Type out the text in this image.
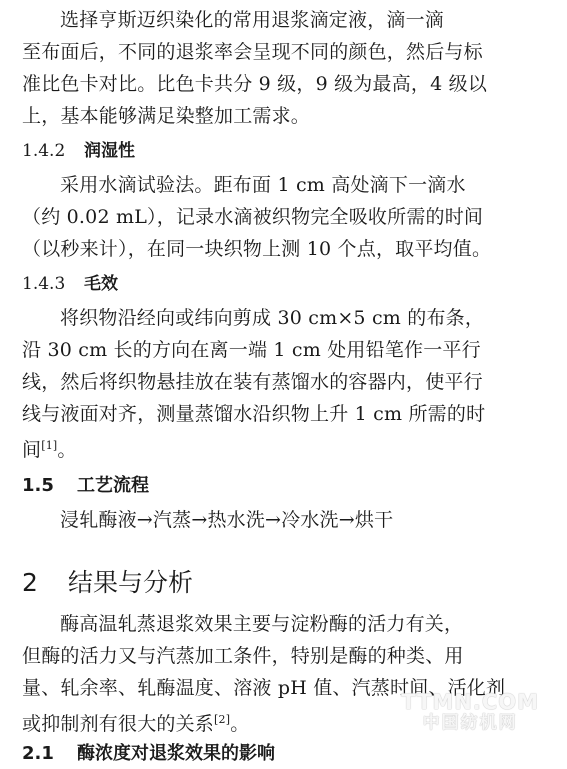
选择亨斯迈织染化的常用退浆滴定液，滴一滴
至布面后，不同的退浆率会呈现不同的颜色，然后与标
准比色卡对比。比色卡共分 9 级，9 级为最高，4 级以
上，基本能够满足染整加工需求。
1.4.2 润湿性
采用水滴试验法。距布面 1 cm 高处滴下一滴水
（约 0.02 mL），记录水滴被织物完全吸收所需的时间
（以秒来计），在同一块织物上测 10 个点，取平均值。
1.4.3 毛效
将织物沿经向或纬向剪成 30 cm×5 cm 的布条，
沿 30 cm 长的方向在离一端 1 cm 处用铅笔作一平行
线，然后将织物悬挂放在装有蒸馏水的容器内，使平行
线与液面对齐，测量蒸馏水沿织物上升 1 cm 所需的时
间[1]。
1.5 工艺流程
浸轧酶液→汽蒸→热水洗→冷水洗→烘干
2 结果与分析
酶高温轧蒸退浆效果主要与淀粉酶的活力有关，
但酶的活力又与汽蒸加工条件，特别是酶的种类、用
量、轧余率、轧酶温度、溶液 pH 值、汽蒸时间、活化剂
或抑制剂有很大的关系[2]。
2.1 酶浓度对退浆效果的影响
TTMN.COM
中国纺机网
